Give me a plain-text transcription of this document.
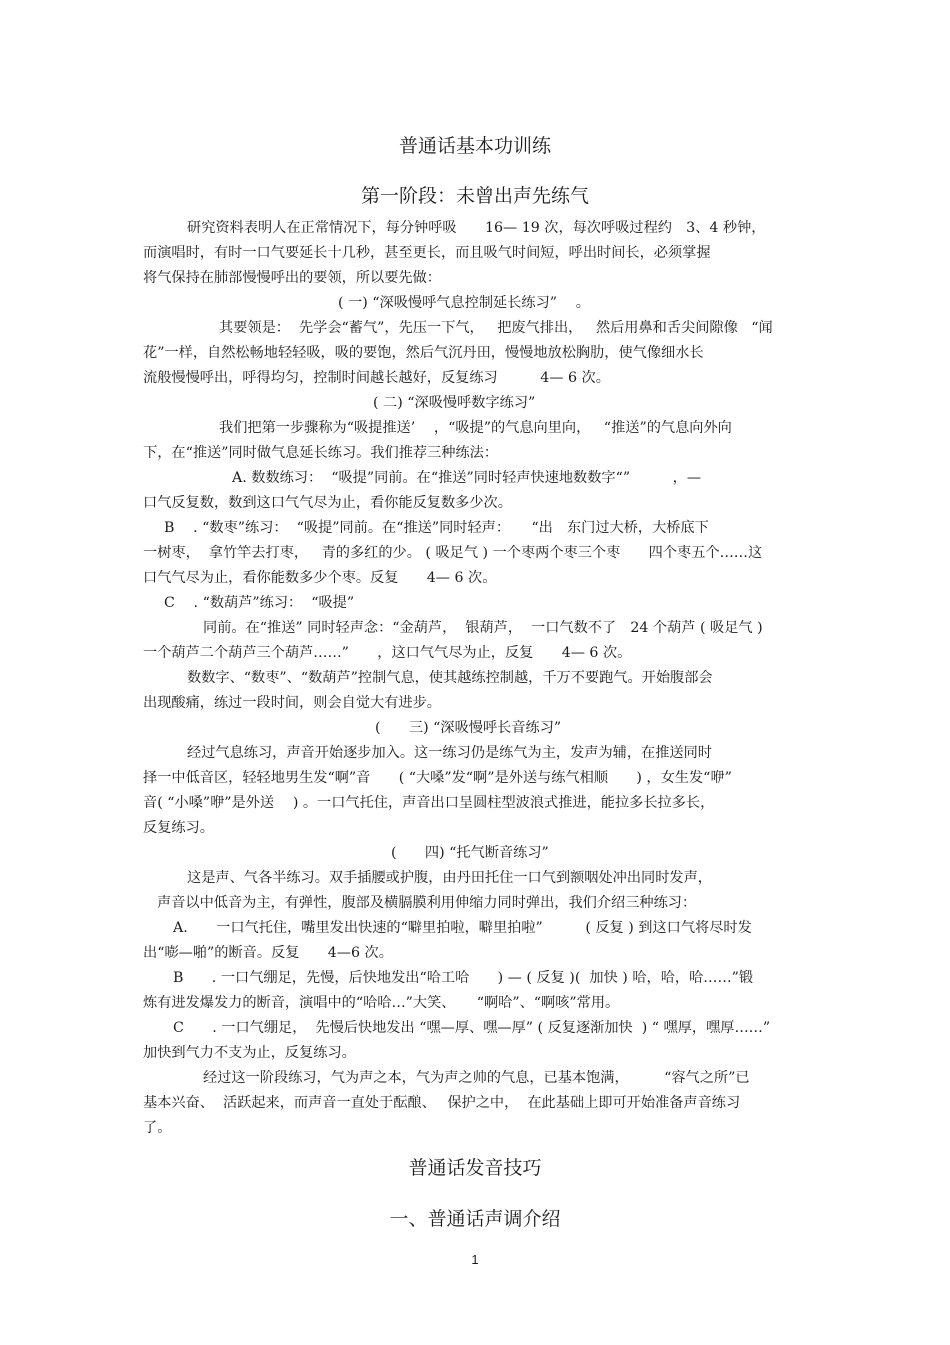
普通话基本功训练
第一阶段：未曾出声先练气
研究资料表明人在正常情况下，每分钟呼吸　　16— 19 次，每次呼吸过程约　3、4 秒钟，
而演唱时，有时一口气要延长十几秒，甚至更长，而且吸气时间短，呼出时间长，必须掌握
将气保持在肺部慢慢呼出的要领，所以要先做：
( 一) “深吸慢呼气息控制延长练习”　 。
其要领是：  先学会“蓄气”，先压一下气，   把废气排出，   然后用鼻和舌尖间隙像   “闻
花”一样，自然松畅地轻轻吸，吸的要饱，然后气沉丹田，慢慢地放松胸肋，使气像细水长
流般慢慢呼出，呼得均匀，控制时间越长越好，反复练习　　　4— 6 次。
( 二) “深吸慢呼数字练习”
我们把第一步骤称为“吸提推送’　 ，“吸提”的气息向里向，   “推送”的气息向外向
下，在“推送”同时做气息延长练习。我们推荐三种练法：
A. 数数练习：  “吸提”同前。在“推送”同时轻声快速地数数字“”　　　，—
口气反复数，数到这口气气尽为止，看你能反复数多少次。
B　 . “数枣”练习：  “吸提”同前。在“推送”同时轻声：　　“出　东门过大桥，大桥底下
一树枣，  拿竹竿去打枣，   青的多红的少。 ( 吸足气 ) 一个枣两个枣三个枣　　四个枣五个……这
口气气尽为止，看你能数多少个枣。反复　　4— 6 次。
C　 . “数葫芦”练习：  “吸提”
同前。在“推送” 同时轻声念：“金葫芦，  银葫芦，  一口气数不了　24 个葫芦 ( 吸足气 )
一个葫芦二个葫芦三个葫芦……”　　，这口气气尽为止，反复　　4— 6 次。
数数字、“数枣”、“数葫芦”控制气息，使其越练控制越，千万不要跑气。开始腹部会
出现酸痛，练过一段时间，则会自觉大有进步。
(　　三) “深吸慢呼长音练习”
经过气息练习，声音开始逐步加入。这一练习仍是练气为主，发声为辅，在推送同时
择一中低音区，轻轻地男生发“啊”音　　( “大嗓”发“啊”是外送与练气相顺　　) ，女生发“咿”
音( “小嗓”咿”是外送　 ) 。一口气托住，声音出口呈圆柱型波浪式推进，能拉多长拉多长，
反复练习。
(　　四) “托气断音练习”
这是声、气各半练习。双手插腰或护腹，由丹田托住一口气到额咽处冲出同时发声，
声音以中低音为主，有弹性，腹部及横膈膜利用伸缩力同时弹出，我们介绍三种练习：
A.　　一口气托住，嘴里发出快速的“噼里拍啦，噼里拍啦”　　　( 反复 ) 到这口气将尽时发
出“嘭—啪”的断音。反复　　4—6 次。
B　　. 一口气绷足，先慢，后快地发出“哈工哈　　) — ( 反复 )(  加快 ) 哈，哈，哈……”锻
炼有进发爆发力的断音，演唱中的“哈哈…”大笑、　　“啊哈”、“啊咳”常用。
C　　. 一口气绷足，  先慢后快地发出 “嘿—厚、嘿—厚” ( 反复逐渐加快  ) “ 嘿厚，嘿厚……”
加快到气力不支为止，反复练习。
经过这一阶段练习，气为声之本，气为声之帅的气息，已基本饱满，　　　“容气之所”已
基本兴奋、  活跃起来，而声音一直处于酝酿、　 保护之中，  在此基础上即可开始准备声音练习
了。
普通话发音技巧
一、普通话声调介绍
1
